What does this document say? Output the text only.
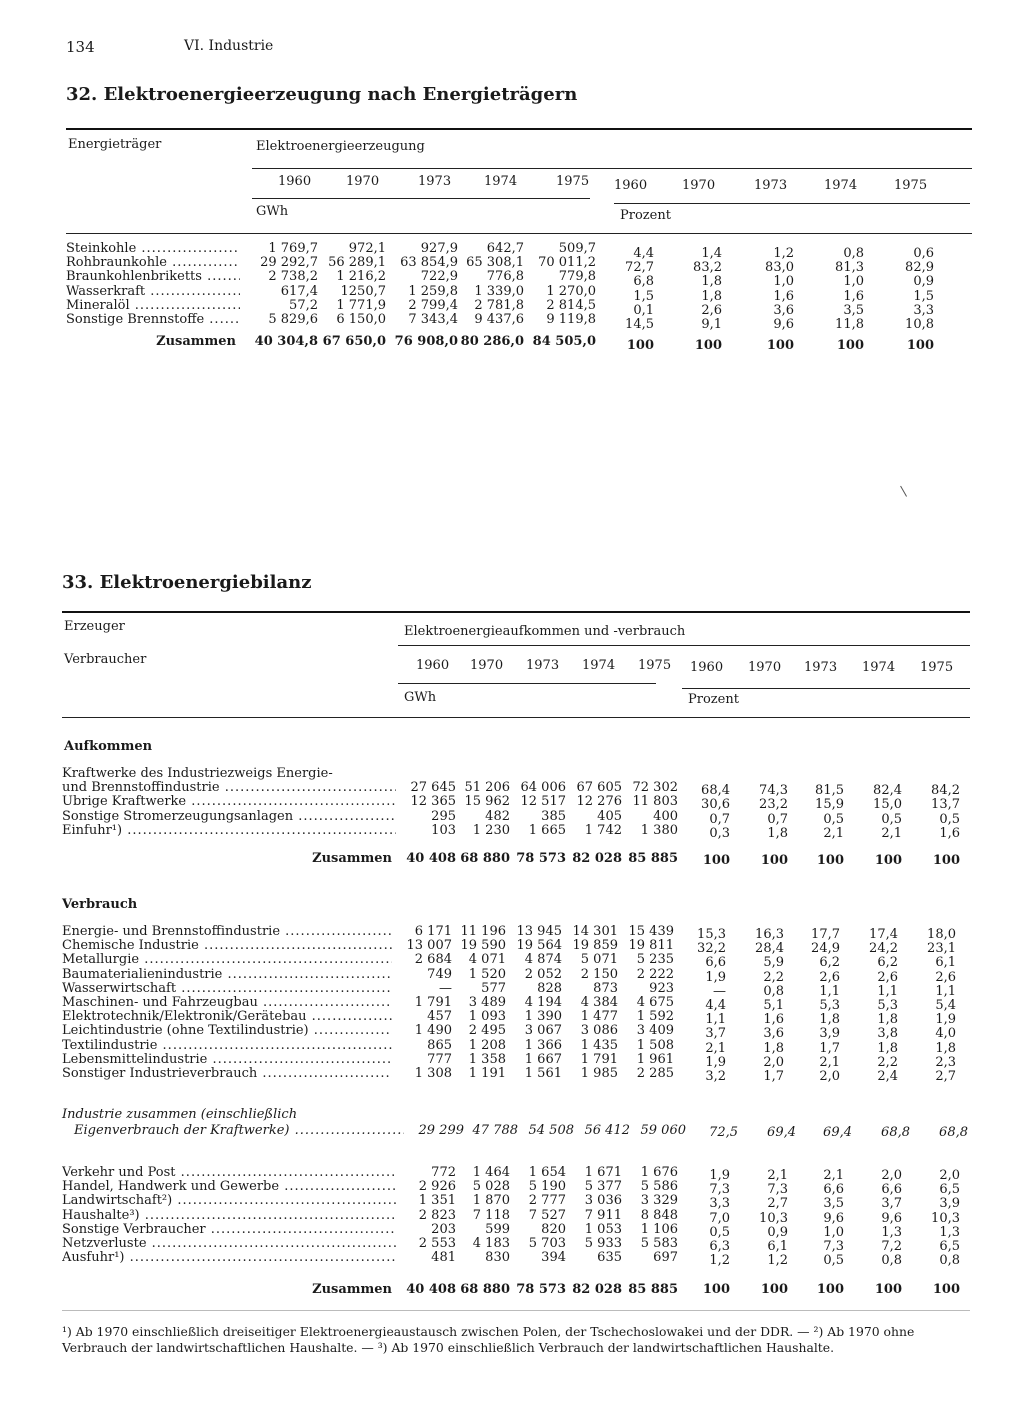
134	VI. Industrie
32. Elektroenergieerzeugung nach Energieträgern
Energieträger	Elektroenergieerzeugung
1960	1970	1973	1974	1975 1960	1970	1973	1974	1975
GWh	Prozent
Steinkohle .....	1 769,7	972,1	927,9	642,7	509,7	4,4	1,4	1,2	0,8	0,6
Rohbraunkohle .....	29 292,7	56 289,1	63 854,9	65 308,1	70 011,2	72,7	83,2	83,0	81,3	82,9
Braunkohlenbriketts .....	2 738,2	1 216,2	722,9	776,8	779,8	6,8	1,8	1,0	1,0	0,9
Wasserkraft .....	617,4	1250,7	1 259,8	1 339,0	1 270,0	1,5	1,8	1,6	1,6	1,5
Mineralöl .....	57,2	1 771,9	2 799,4	2 781,8	2 814,5	0,1	2,6	3,6	3,5	3,3
Sonstige Brennstoffe .....	5 829,6	6 150,0	7 343,4	9 437,6	9 119,8	14,5	9,1	9,6	11,8	10,8

Zusammen	40 304,8	67 650,0	76 908,0	80 286,0	84 505,0	100	100	100	100	100
33. Elektroenergiebilanz
Erzeuger	Elektroenergieaufkommen und -verbrauch
Verbraucher	1960 1970 1973 1974 1975 1960 1970 1973 1974 1975
GWh	Prozent
Aufkommen
Kraftwerke des Industriezweigs Energie-										
und Brennstoffindustrie .....	27 645	51 206	64 006	67 605	72 302	68,4	74,3	81,5	82,4	84,2
Übrige Kraftwerke .....	12 365	15 962	12 517	12 276	11 803	30,6	23,2	15,9	15,0	13,7
Sonstige Stromerzeugungsanlagen .....	295	482	385	405	400	0,7	0,7	0,5	0,5	0,5
Einfuhr¹) .....	103	1 230	1 665	1 742	1 380	0,3	1,8	2,1	2,1	1,6

Zusammen	40 408	68 880	78 573	82 028	85 885	100	100	100	100	100
Verbrauch
Energie- und Brennstoffindustrie .....	6 171	11 196	13 945	14 301	15 439	15,3	16,3	17,7	17,4	18,0
Chemische Industrie .....	13 007	19 590	19 564	19 859	19 811	32,2	28,4	24,9	24,2	23,1
Metallurgie .....	2 684	4 071	4 874	5 071	5 235	6,6	5,9	6,2	6,2	6,1
Baumaterialienindustrie .....	749	1 520	2 052	2 150	2 222	1,9	2,2	2,6	2,6	2,6
Wasserwirtschaft .....	—	577	828	873	923	—	0,8	1,1	1,1	1,1
Maschinen- und Fahrzeugbau .....	1 791	3 489	4 194	4 384	4 675	4,4	5,1	5,3	5,3	5,4
Elektrotechnik/Elektronik/Gerätebau .....	457	1 093	1 390	1 477	1 592	1,1	1,6	1,8	1,8	1,9
Leichtindustrie (ohne Textilindustrie) .....	1 490	2 495	3 067	3 086	3 409	3,7	3,6	3,9	3,8	4,0
Textilindustrie .....	865	1 208	1 366	1 435	1 508	2,1	1,8	1,7	1,8	1,8
Lebensmittelindustrie .....	777	1 358	1 667	1 791	1 961	1,9	2,0	2,1	2,2	2,3
Sonstiger Industrieverbrauch .....	1 308	1 191	1 561	1 985	2 285	3,2	1,7	2,0	2,4	2,7
Industrie zusammen (einschließlich
Eigenverbrauch der Kraftwerke) .....	29 299	47 788	54 508	56 412	59 060	72,5	69,4	69,4	68,8	68,8
Verkehr und Post .....	772	1 464	1 654	1 671	1 676	1,9	2,1	2,1	2,0	2,0
Handel, Handwerk und Gewerbe .....	2 926	5 028	5 190	5 377	5 586	7,3	7,3	6,6	6,6	6,5
Landwirtschaft²) .....	1 351	1 870	2 777	3 036	3 329	3,3	2,7	3,5	3,7	3,9
Haushalte³) .....	2 823	7 118	7 527	7 911	8 848	7,0	10,3	9,6	9,6	10,3
Sonstige Verbraucher .....	203	599	820	1 053	1 106	0,5	0,9	1,0	1,3	1,3
Netzverluste .....	2 553	4 183	5 703	5 933	5 583	6,3	6,1	7,3	7,2	6,5
Ausfuhr¹) .....	481	830	394	635	697	1,2	1,2	0,5	0,8	0,8

Zusammen	40 408	68 880	78 573	82 028	85 885	100	100	100	100	100
¹) Ab 1970 einschließlich dreiseitiger Elektroenergieaustausch zwischen Polen, der Tschechoslowakei und der DDR. — ²) Ab 1970 ohne
Verbrauch der landwirtschaftlichen Haushalte. — ³) Ab 1970 einschließlich Verbrauch der landwirtschaftlichen Haushalte.
